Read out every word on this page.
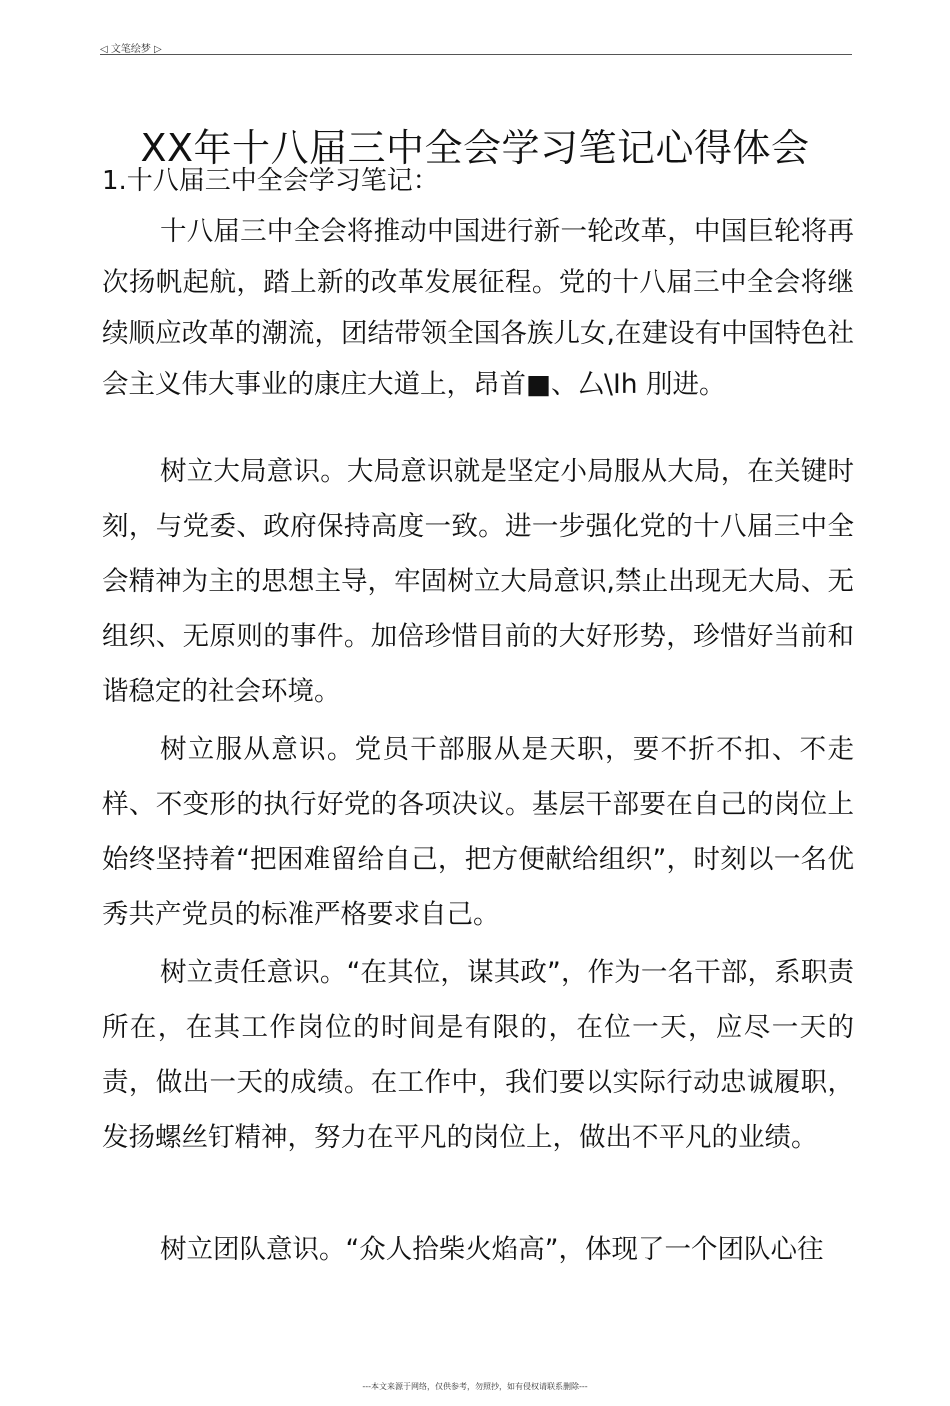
◁ 文笔绘梦 ▷
XX年十八届三中全会学习笔记心得体会
1.十八届三中全会学习笔记：

十八届三中全会将推动中国进行新一轮改革，中国巨轮将再次扬帆起航，踏上新的改革发展征程。党的十八届三中全会将继续顺应改革的潮流，团结带领全国各族儿女,在建设有中国特色社会主义伟大事业的康庄大道上，昂首■、厶\Ih 刖进。

树立大局意识。大局意识就是坚定小局服从大局，在关键时刻，与党委、政府保持高度一致。进一步强化党的十八届三中全会精神为主的思想主导，牢固树立大局意识,禁止出现无大局、无组织、无原则的事件。加倍珍惜目前的大好形势，珍惜好当前和谐稳定的社会环境。

树立服从意识。党员干部服从是天职，要不折不扣、不走样、不变形的执行好党的各项决议。基层干部要在自己的岗位上始终坚持着“把困难留给自己，把方便献给组织”，时刻以一名优秀共产党员的标准严格要求自己。

树立责任意识。“在其位，谋其政”，作为一名干部，系职责所在，在其工作岗位的时间是有限的，在位一天，应尽一天的责，做出一天的成绩。在工作中，我们要以实际行动忠诚履职，发扬螺丝钉精神，努力在平凡的岗位上，做出不平凡的业绩。

树立团队意识。“众人拾柴火焰高”，体现了一个团队心往

---本文来源于网络，仅供参考，勿照抄，如有侵权请联系删除---
